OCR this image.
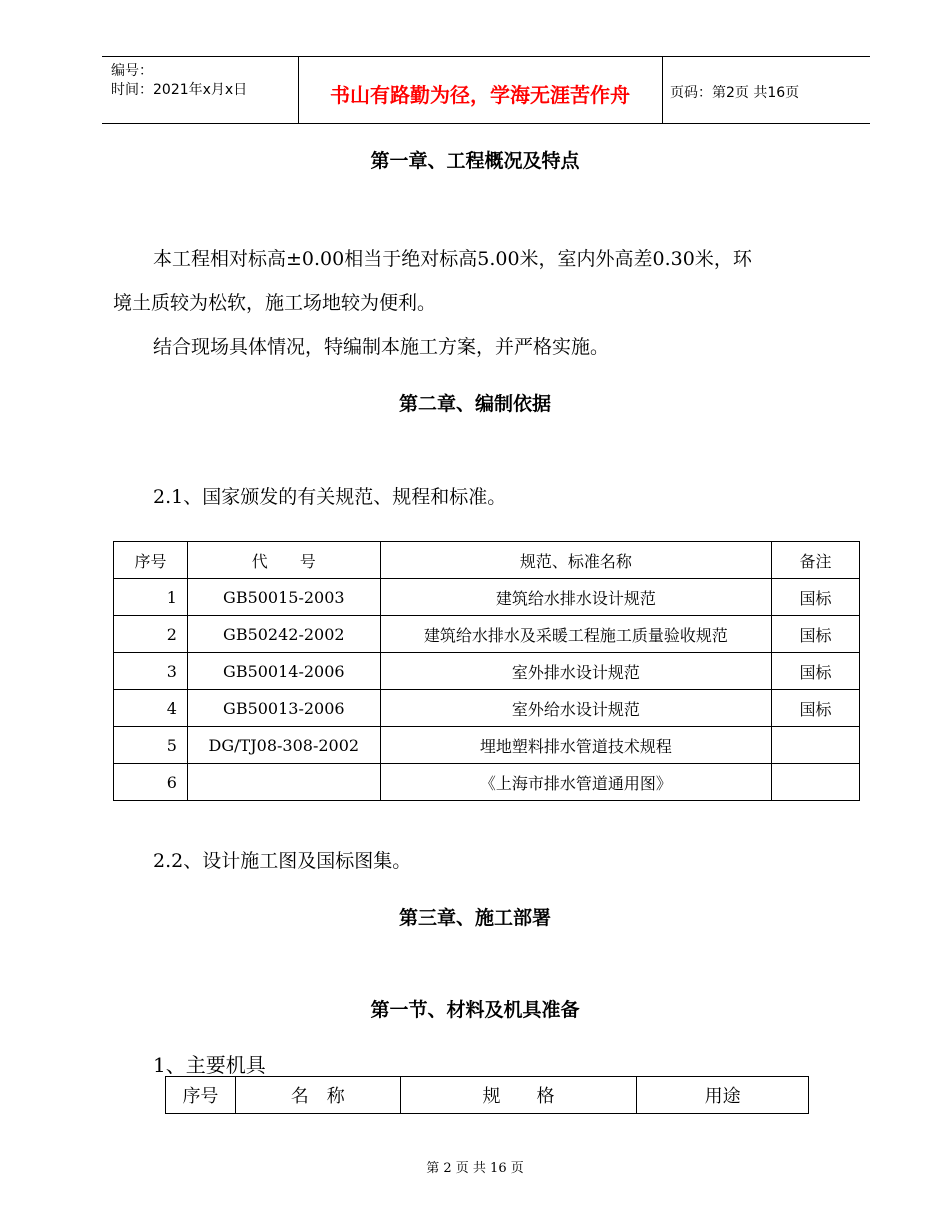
编号：
时间：2021年x月x日	书山有路勤为径，学海无涯苦作舟	页码：第2页 共16页
第一章、工程概况及特点
本工程相对标高±0.00相当于绝对标高5.00米，室内外高差0.30米，环
境土质较为松软，施工场地较为便利。
结合现场具体情况，特编制本施工方案，并严格实施。
第二章、编制依据
2.1、国家颁发的有关规范、规程和标准。
序号	代　　号	规范、标准名称	备注
1	GB50015-2003	建筑给水排水设计规范	国标
2	GB50242-2002	建筑给水排水及采暖工程施工质量验收规范	国标
3	GB50014-2006	室外排水设计规范	国标
4	GB50013-2006	室外给水设计规范	国标
5	DG/TJ08-308-2002	埋地塑料排水管道技术规程	
6		《上海市排水管道通用图》	
2.2、设计施工图及国标图集。
第三章、施工部署
第一节、材料及机具准备
1、主要机具
序号	名　称	规　　格	用途
第 2 页 共 16 页
